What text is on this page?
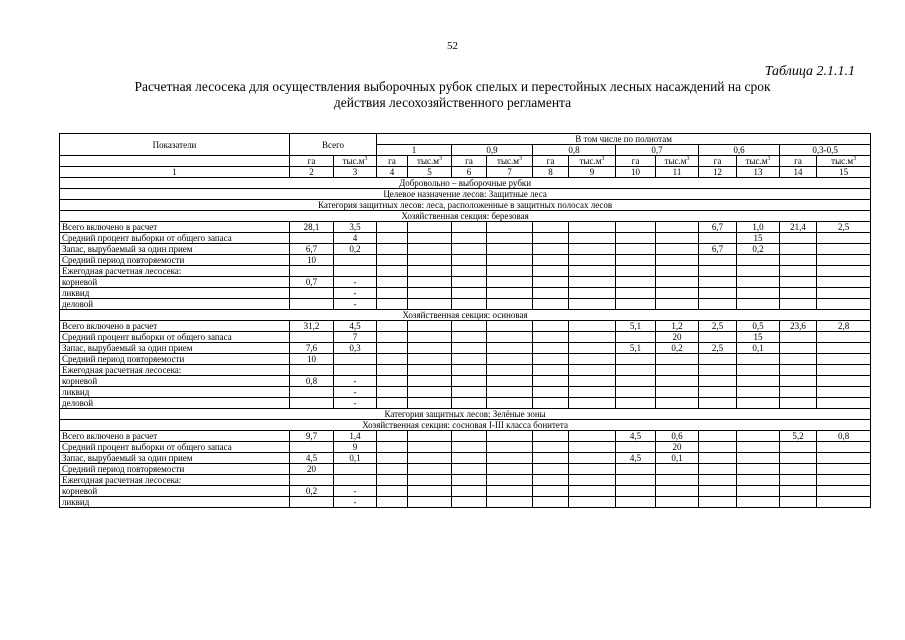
52
Таблица 2.1.1.1
Расчетная лесосека для осуществления выборочных рубок спелых и перестойных лесных насаждений на срок
действия лесохозяйственного регламента
Показатели	Всего		В том числе по полнотам											
			1		0,9		0,8		0,7		0,6		0,3-0,5	
	га	$тыс.м^3$	га	$тыс.м^3$	га	$тыс.м^3$	га	$тыс.м^3$	га	$тыс.м^3$	га	$тыс.м^3$	га	$тыс.м^3$
1	2	3	4	5	6	7	8	9	10	11	12	13	14	15
Добровольно – выборочные рубки														
Целевое назначение лесов: Защитные леса														
Категория защитных лесов: леса, расположенные в защитных полосах лесов														
Хозяйственная секция: березовая														
Всего включено в расчет	28,1	3,5									6,7	1,0	21,4	2,5
Средний процент выборки от общего запаса		4										15		
Запас, вырубаемый за один прием	6,7	0,2									6,7	0,2		
Средний период повторяемости	10													
Ежегодная расчетная лесосека:														
корневой	0,7	-												
ликвид		-												
деловой		-												
Хозяйственная секция: осиновая														
Всего включено в расчет	31,2	4,5							5,1	1,2	2,5	0,5	23,6	2,8
Средний процент выборки от общего запаса		7								20		15		
Запас, вырубаемый за один прием	7,6	0,3							5,1	0,2	2,5	0,1		
Средний период повторяемости	10													
Ежегодная расчетная лесосека:														
корневой	0,8	-												
ликвид		-												
деловой		-												
Категория защитных лесов: Зелёные зоны														
Хозяйственная секция: сосновая I-III класса бонитета														
Всего включено в расчет	9,7	1,4							4,5	0,6			5,2	0,8
Средний процент выборки от общего запаса		9								20				
Запас, вырубаемый за один прием	4,5	0,1							4,5	0,1				
Средний период повторяемости	20													
Ежегодная расчетная лесосека:														
корневой	0,2	-												
ликвид		-												
